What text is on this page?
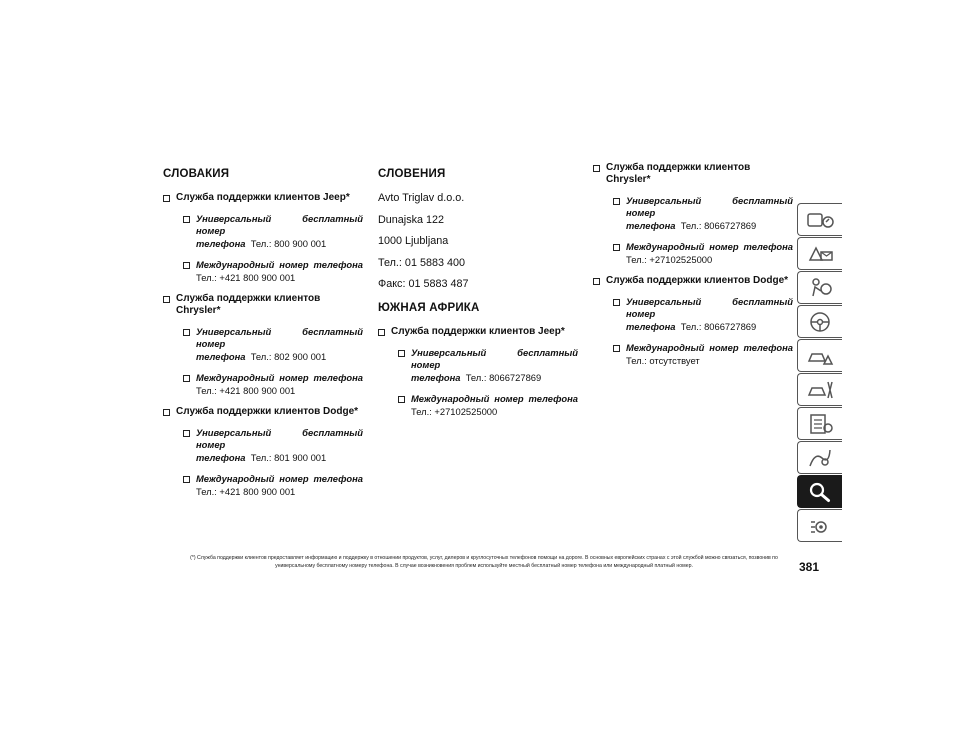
СЛОВАКИЯ
Служба поддержки клиентов Jeep*
Универсальный бесплатный номер
телефона  Тел.: 800 900 001
Международный номер телефона
Тел.: +421 800 900 001
Служба поддержки клиентов Chrysler*
Универсальный бесплатный номер
телефона  Тел.: 802 900 001
Международный номер телефона
Тел.: +421 800 900 001
Служба поддержки клиентов Dodge*
Универсальный бесплатный номер
телефона  Тел.: 801 900 001
Международный номер телефона
Тел.: +421 800 900 001
СЛОВЕНИЯ

Avto Triglav d.o.o.

Dunajska 122

1000 Ljubljana

Тел.: 01 5883 400

Факс: 01 5883 487

ЮЖНАЯ АФРИКА
Служба поддержки клиентов Jeep*
Универсальный бесплатный номер
телефона  Тел.: 8066727869
Международный номер телефона
Тел.: +27102525000
Служба поддержки клиентов Chrysler*
Универсальный бесплатный номер
телефона  Тел.: 8066727869
Международный номер телефона
Тел.: +27102525000
Служба поддержки клиентов Dodge*
Универсальный бесплатный номер
телефона  Тел.: 8066727869
Международный номер телефона
Тел.: отсутствует
(*) Служба поддержки клиентов предоставляет информацию и поддержку в отношении продуктов, услуг, дилеров и круглосуточных телефонов помощи на дороге. В основных европейских странах с этой службой можно связаться, позвонив по универсальному бесплатному номеру телефона. В случае возникновения проблем используйте местный бесплатный номер телефона или международный платный номер.	381
